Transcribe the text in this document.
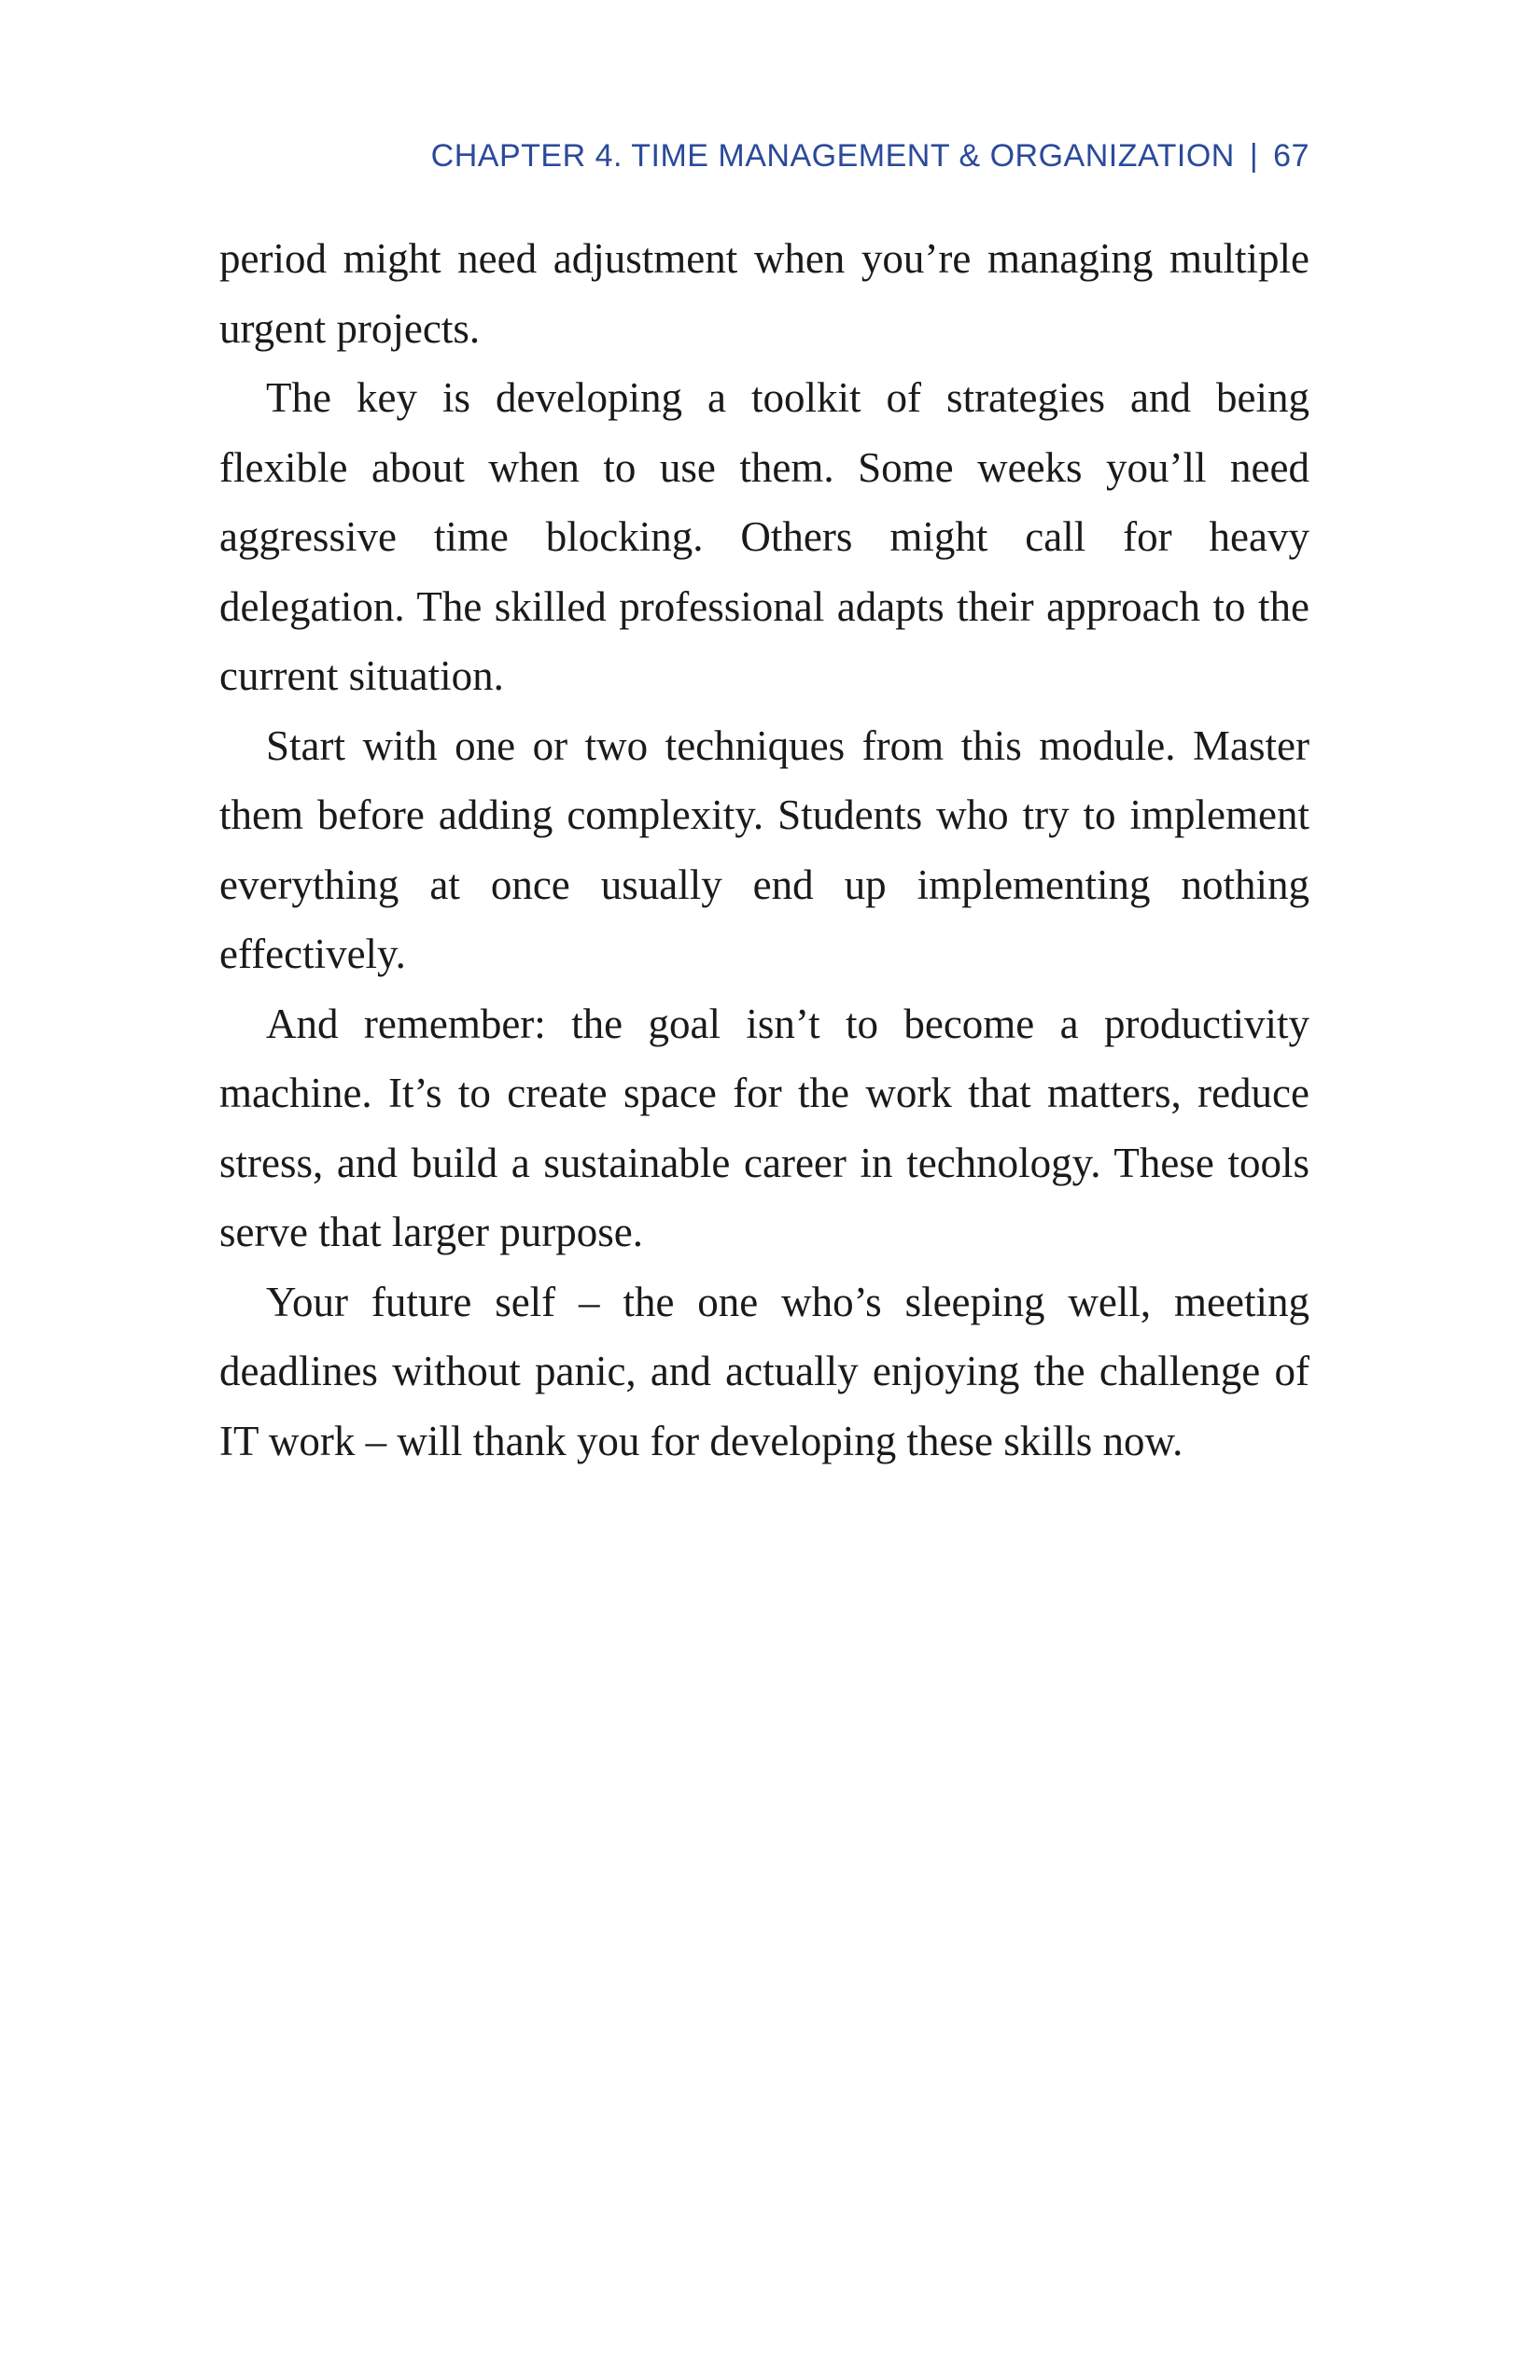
CHAPTER 4. TIME MANAGEMENT & ORGANIZATION | 67

period might need adjustment when you’re managing multiple urgent projects.

The key is developing a toolkit of strategies and being flexible about when to use them. Some weeks you’ll need aggressive time blocking. Others might call for heavy delegation. The skilled professional adapts their approach to the current situation.

Start with one or two techniques from this module. Master them before adding complexity. Students who try to implement everything at once usually end up implementing nothing effectively.

And remember: the goal isn’t to become a productivity machine. It’s to create space for the work that matters, reduce stress, and build a sustainable career in technology. These tools serve that larger purpose.

Your future self – the one who’s sleeping well, meeting deadlines without panic, and actually enjoying the challenge of IT work – will thank you for developing these skills now.
